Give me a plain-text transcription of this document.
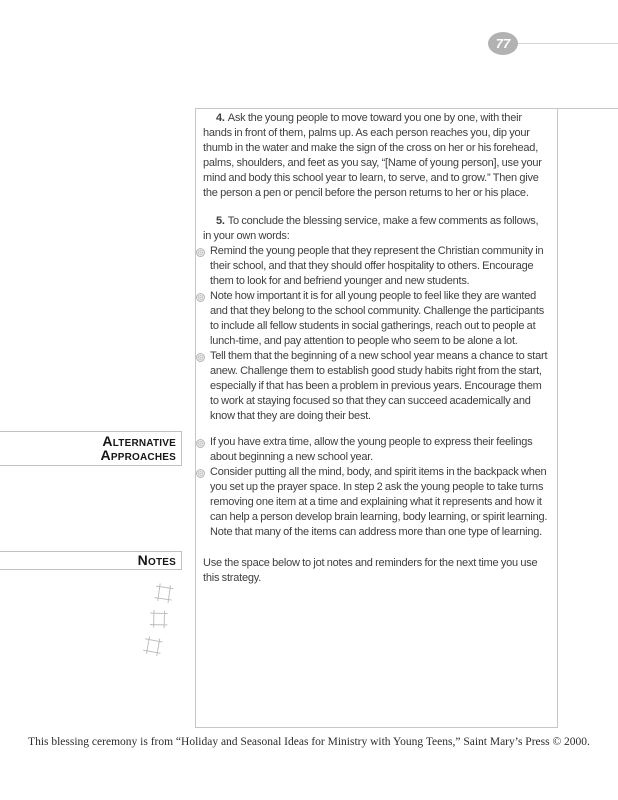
77

4. Ask the young people to move toward you one by one, with their hands in front of them, palms up. As each person reaches you, dip your thumb in the water and make the sign of the cross on her or his forehead, palms, shoulders, and feet as you say, “[Name of young person], use your mind and body this school year to learn, to serve, and to grow.” Then give the person a pen or pencil before the person returns to her or his place.

5. To conclude the blessing service, make a few comments as follows, in your own words:

Remind the young people that they represent the Christian community in their school, and that they should offer hospitality to others. Encourage them to look for and befriend younger and new students.
Note how important it is for all young people to feel like they are wanted and that they belong to the school community. Challenge the participants to include all fellow students in social gatherings, reach out to people at lunch-time, and pay attention to people who seem to be alone a lot.
Tell them that the beginning of a new school year means a chance to start anew. Challenge them to establish good study habits right from the start, especially if that has been a problem in previous years. Encourage them to work at staying focused so that they can succeed academically and know that they are doing their best.
Alternative
Approaches
If you have extra time, allow the young people to express their feelings about beginning a new school year.
Consider putting all the mind, body, and spirit items in the backpack when you set up the prayer space. In step 2 ask the young people to take turns removing one item at a time and explaining what it represents and how it can help a person develop brain learning, body learning, or spirit learning. Note that many of the items can address more than one type of learning.
Notes Use the space below to jot notes and reminders for the next time you use this strategy.

This blessing ceremony is from “Holiday and Seasonal Ideas for Ministry with Young Teens,” Saint Mary’s Press © 2000.
